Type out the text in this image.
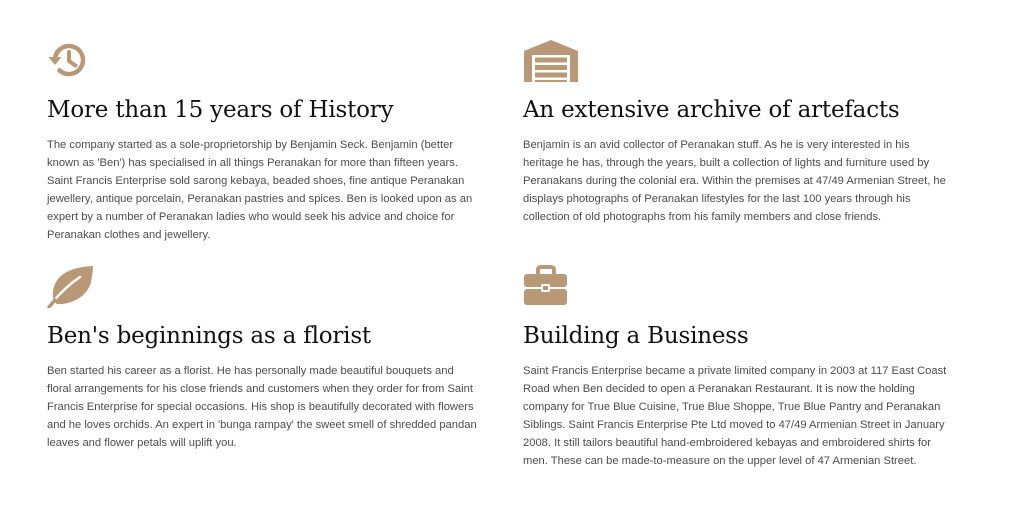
More than 15 years of History

The company started as a sole-proprietorship by Benjamin Seck. Benjamin (better known as 'Ben') has specialised in all things Peranakan for more than fifteen years. Saint Francis Enterprise sold sarong kebaya, beaded shoes, fine antique Peranakan jewellery, antique porcelain, Peranakan pastries and spices. Ben is looked upon as an expert by a number of Peranakan ladies who would seek his advice and choice for Peranakan clothes and jewellery.

An extensive archive of artefacts

Benjamin is an avid collector of Peranakan stuff. As he is very interested in his heritage he has, through the years, built a collection of lights and furniture used by Peranakans during the colonial era. Within the premises at 47/49 Armenian Street, he displays photographs of Peranakan lifestyles for the last 100 years through his collection of old photographs from his family members and close friends.

Ben's beginnings as a florist

Ben started his career as a florist. He has personally made beautiful bouquets and floral arrangements for his close friends and customers when they order for from Saint Francis Enterprise for special occasions. His shop is beautifully decorated with flowers and he loves orchids. An expert in 'bunga rampay' the sweet smell of shredded pandan leaves and flower petals will uplift you.

Building a Business

Saint Francis Enterprise became a private limited company in 2003 at 117 East Coast Road when Ben decided to open a Peranakan Restaurant. It is now the holding company for True Blue Cuisine, True Blue Shoppe, True Blue Pantry and Peranakan Siblings. Saint Francis Enterprise Pte Ltd moved to 47/49 Armenian Street in January 2008. It still tailors beautiful hand-embroidered kebayas and embroidered shirts for men. These can be made-to-measure on the upper level of 47 Armenian Street.
